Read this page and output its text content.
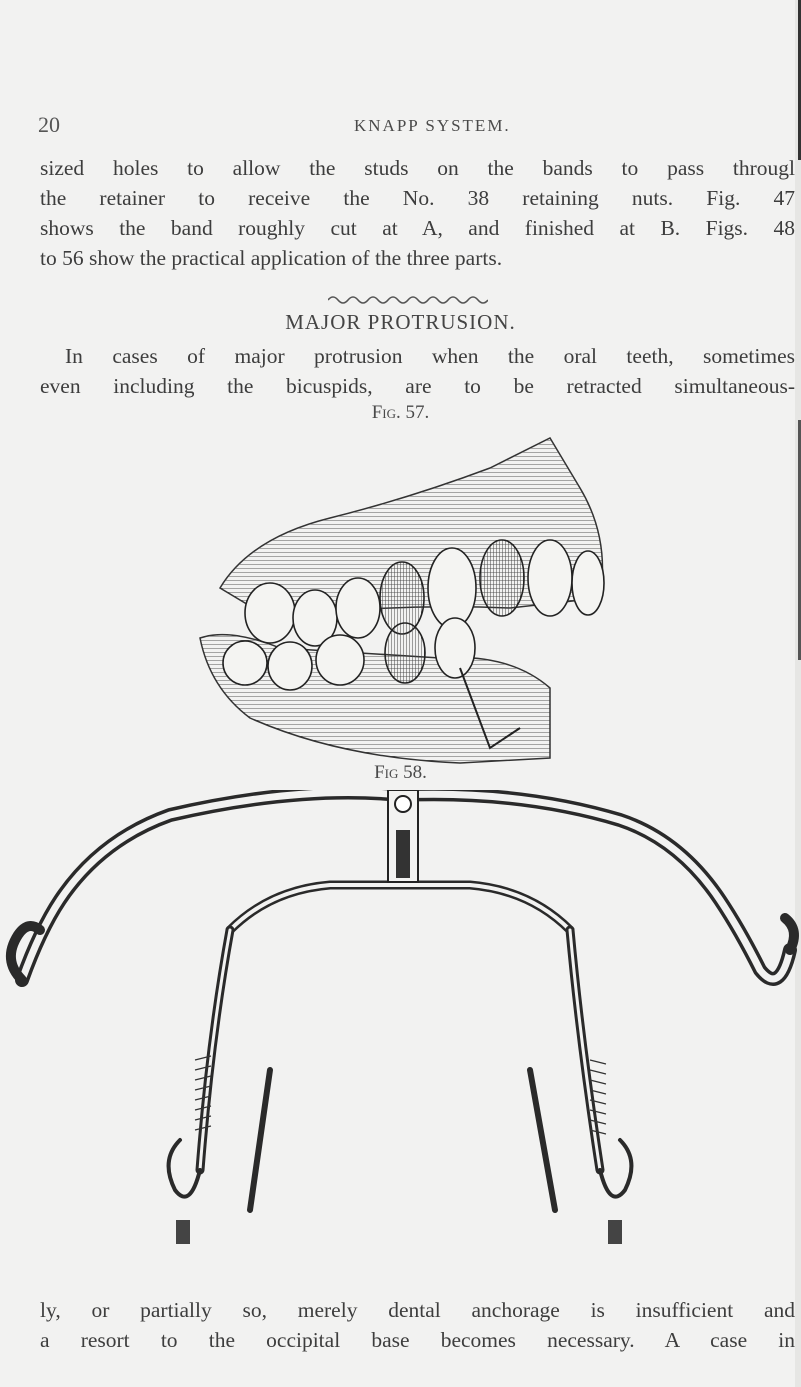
20	KNAPP SYSTEM.
sized holes to allow the studs on the bands to pass througl
the retainer to receive the No. 38 retaining nuts. Fig. 47
shows the band roughly cut at A, and finished at B. Figs. 48
to 56 show the practical application of the three parts.
MAJOR PROTRUSION.
In cases of major protrusion when the oral teeth, sometimes
even including the bicuspids, are to be retracted simultaneous-
Fig. 57.
Fig 58.
ly, or partially so, merely dental anchorage is insufficient and
a resort to the occipital base becomes necessary. A case in
